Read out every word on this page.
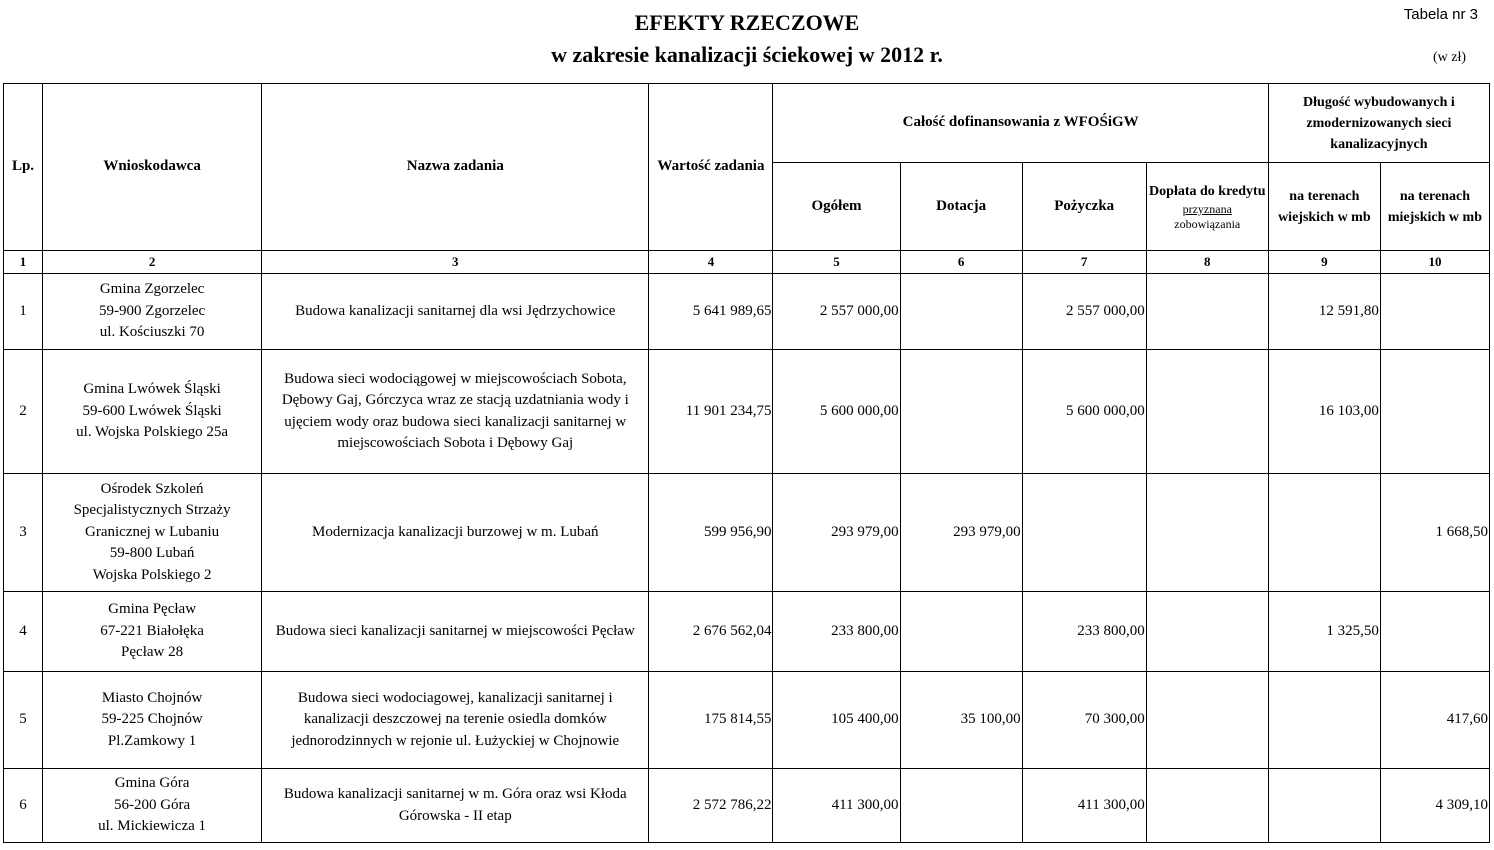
EFEKTY RZECZOWE
w zakresie kanalizacji ściekowej w 2012 r.
Tabela nr 3
(w zł)
Lp.	Wnioskodawca	Nazwa zadania	Wartość zadania	Całość dofinansowania z WFOŚiGW				Długość wybudowanych i zmodernizowanych sieci kanalizacyjnych	
				Ogółem	Dotacja	Pożyczka	Dopłata do kredytu
przyznana
zobowiązania	na terenach wiejskich w mb	na terenach miejskich w mb
1	2	3	4	5	6	7	8	9	10
1	Gmina Zgorzelec
59-900 Zgorzelec
ul. Kościuszki 70	Budowa kanalizacji sanitarnej dla wsi Jędrzychowice	5 641 989,65	2 557 000,00		2 557 000,00		12 591,80	
2	Gmina Lwówek Śląski
59-600 Lwówek Śląski
ul. Wojska Polskiego 25a	Budowa sieci wodociągowej w miejscowościach Sobota, Dębowy Gaj, Górczyca wraz ze stacją uzdatniania wody i ujęciem wody oraz budowa sieci kanalizacji sanitarnej w miejscowościach Sobota i Dębowy Gaj	11 901 234,75	5 600 000,00		5 600 000,00		16 103,00	
3	Ośrodek Szkoleń Specjalistycznych Strzaży Granicznej w Lubaniu
59-800 Lubań
Wojska Polskiego 2	Modernizacja kanalizacji burzowej w m. Lubań	599 956,90	293 979,00	293 979,00				1 668,50
4	Gmina Pęcław
67-221 Białołęka
Pęcław 28	Budowa sieci kanalizacji sanitarnej w miejscowości Pęcław	2 676 562,04	233 800,00		233 800,00		1 325,50	
5	Miasto Chojnów
59-225 Chojnów
Pl.Zamkowy 1	Budowa sieci wodociagowej, kanalizacji sanitarnej i kanalizacji deszczowej na terenie osiedla domków jednorodzinnych w rejonie ul. Łużyckiej w Chojnowie	175 814,55	105 400,00	35 100,00	70 300,00			417,60
6	Gmina Góra
56-200 Góra
ul. Mickiewicza 1	Budowa kanalizacji sanitarnej w m. Góra oraz wsi Kłoda Górowska - II etap	2 572 786,22	411 300,00		411 300,00			4 309,10
